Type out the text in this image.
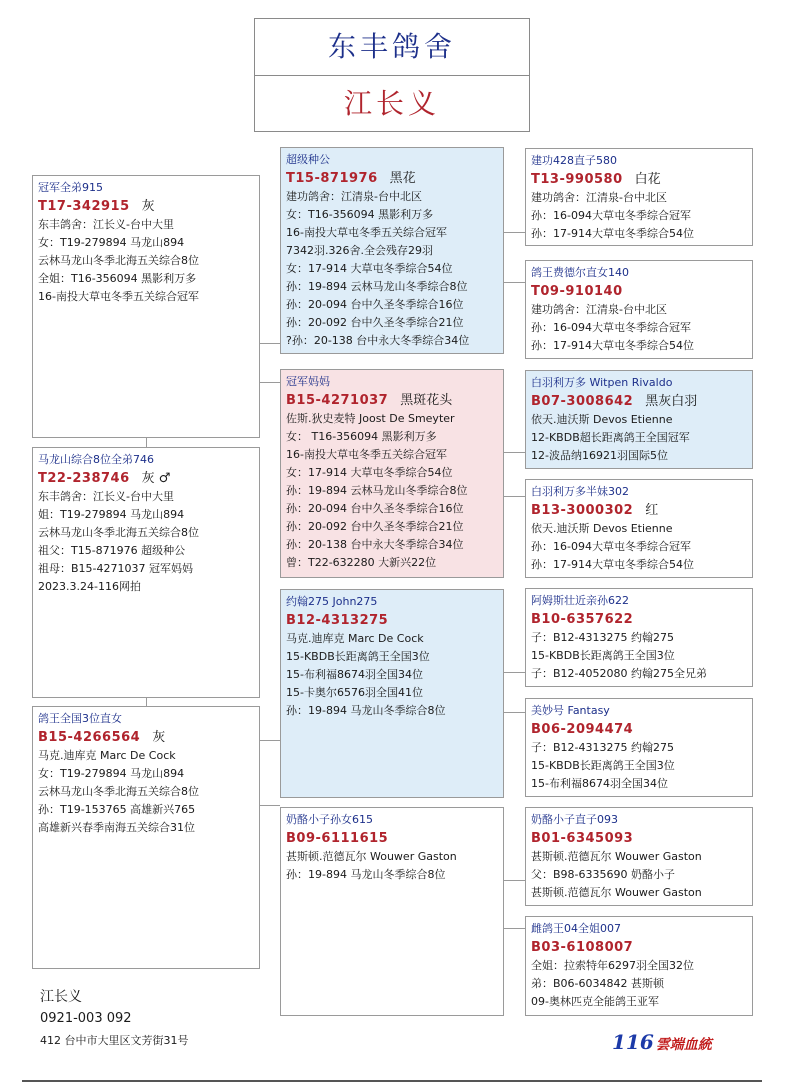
东丰鸽舍
江长义
冠军全弟915
T17-342915 灰
东丰鸽舍：江长义-台中大里
女：T19-279894 马龙山894
云林马龙山冬季北海五关综合8位
全姐：T16-356094 黑影利万多
16-南投大草屯冬季五关综合冠军
马龙山综合8位全弟746
T22-238746 灰 ♂
东丰鸽舍：江长义-台中大里
姐：T19-279894 马龙山894
云林马龙山冬季北海五关综合8位
祖父：T15-871976 超级种公
祖母：B15-4271037 冠军妈妈
2023.3.24-116网拍
鸽王全国3位直女
B15-4266564 灰
马克.迪库克 Marc De Cock
女：T19-279894 马龙山894
云林马龙山冬季北海五关综合8位
孙：T19-153765 高雄新兴765
高雄新兴春季南海五关综合31位
超级种公
T15-871976 黑花
建功鸽舍：江清泉-台中北区
女：T16-356094 黑影利万多
16-南投大草屯冬季五关综合冠军
7342羽.326舍.全会残存29羽
女：17-914 大草屯冬季综合54位
孙：19-894 云林马龙山冬季综合8位
孙：20-094 台中久圣冬季综合16位
孙：20-092 台中久圣冬季综合21位
?孙：20-138 台中永大冬季综合34位
冠军妈妈
B15-4271037 黑斑花头
佐斯.狄史麦特 Joost De Smeyter
女： T16-356094 黑影利万多
16-南投大草屯冬季五关综合冠军
女：17-914 大草屯冬季综合54位
孙：19-894 云林马龙山冬季综合8位
孙：20-094 台中久圣冬季综合16位
孙：20-092 台中久圣冬季综合21位
孙：20-138 台中永大冬季综合34位
曾：T22-632280 大新兴22位
约翰275 John275
B12-4313275
马克.迪库克 Marc De Cock
15-KBDB长距离鸽王全国3位
15-布利福8674羽全国34位
15-卡奥尔6576羽全国41位
孙：19-894 马龙山冬季综合8位
奶酪小子孙女615
B09-6111615
甚斯顿.范德瓦尔 Wouwer Gaston
孙：19-894 马龙山冬季综合8位
建功428直子580
T13-990580 白花
建功鸽舍：江清泉-台中北区
孙：16-094大草屯冬季综合冠军
孙：17-914大草屯冬季综合54位
鸽王费德尔直女140
T09-910140
建功鸽舍：江清泉-台中北区
孙：16-094大草屯冬季综合冠军
孙：17-914大草屯冬季综合54位
白羽利万多 Witpen Rivaldo
B07-3008642 黑灰白羽
依天.迪沃斯 Devos Etienne
12-KBDB超长距离鸽王全国冠军
12-波品纳16921羽国际5位
白羽利万多半妹302
B13-3000302 红
依天.迪沃斯 Devos Etienne
孙：16-094大草屯冬季综合冠军
孙：17-914大草屯冬季综合54位
阿姆斯壮近亲孙622
B10-6357622
子：B12-4313275 约翰275
15-KBDB长距离鸽王全国3位
子：B12-4052080 约翰275全兄弟
美妙号 Fantasy
B06-2094474
子：B12-4313275 约翰275
15-KBDB长距离鸽王全国3位
15-布利福8674羽全国34位
奶酪小子直子093
B01-6345093
甚斯顿.范德瓦尔 Wouwer Gaston
父：B98-6335690 奶酪小子
甚斯顿.范德瓦尔 Wouwer Gaston
雌鸽王04全姐007
B03-6108007
全姐：拉索特年6297羽全国32位
弟：B06-6034842 甚斯顿
09-奥林匹克全能鸽王亚军
江长义
0921-003 092
412 台中市大里区文芳街31号	116 雲端血統
